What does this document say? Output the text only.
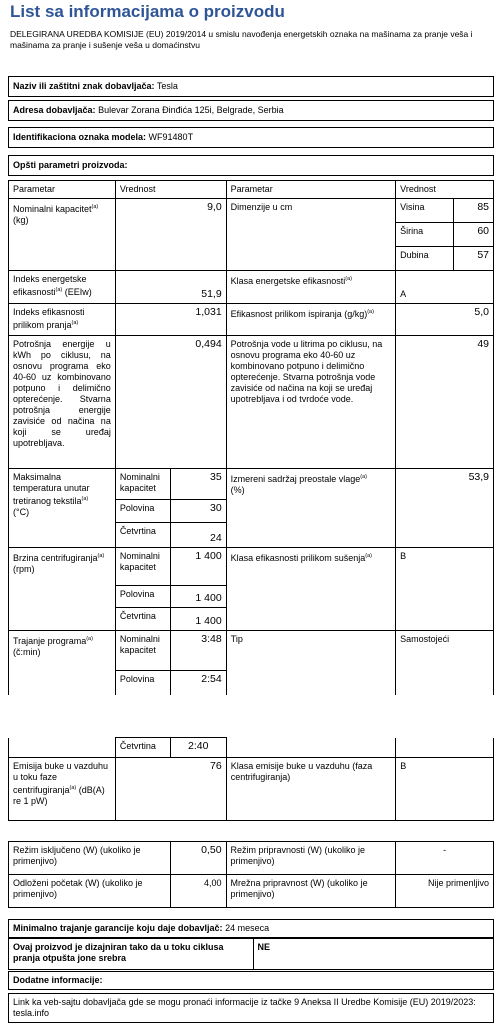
List sa informacijama o proizvodu
DELEGIRANA UREDBA KOMISIJE (EU) 2019/2014 u smislu navođenja energetskih oznaka na mašinama za pranje veša i mašinama za pranje i sušenje veša u domaćinstvu
Naziv ili zaštitni znak dobavljača: Tesla
Adresa dobavljača: Bulevar Zorana Đinđića 125i, Belgrade, Serbia
Identifikaciona oznaka modela: WF91480T
Opšti parametri proizvoda:
Parametar	Vrednost		Parametar	Vrednost	
Nominalni kapacitet$^{(a)}$
(kg)	9,0		Dimenzije u cm	Visina	85
				Širina	60
				Dubina	57
Indeks energetske efikasnosti$^{(a)}$ (EEIw)	51,9		Klasa energetske efikasnosti$^{(a)}$	A	
Indeks efikasnosti prilikom pranja$^{(a)}$	1,031		Efikasnost prilikom ispiranja $(g/kg)^{(a)}$	5,0	
Potrošnja energije u kWh po ciklusu, na osnovu programa eko 40-60 uz kombinovano potpuno i delimično opterećenje. Stvarna potrošnja energije zavisiće od načina na koji se uređaj upotrebljava.	0,494		Potrošnja vode u litrima po ciklusu, na osnovu programa eko 40-60 uz kombinovano potpuno i delimično opterećenje. Stvarna potrošnja vode zavisiće od načina na koji se uređaj upotrebljava i od tvrdoće vode.	49	
Maksimalna temperatura unutar tretiranog tekstila$^{(a)}$
(°C)	Nominalni kapacitet	35	Izmereni sadržaj preostale vlage$^{(a)}$
(%)	53,9	
	Polovina	30			
	Četvrtina	24			
Brzina centrifugiranja$^{(a)}$
(rpm)	Nominalni kapacitet	1 400	Klasa efikasnosti prilikom sušenja$^{(a)}$	B	
	Polovina	1 400			
	Četvrtina	1 400			
Trajanje programa$^{(a)}$
(č:min)	Nominalni kapacitet	3:48	Tip	Samostojeći	
	Polovina	2:54			
	Četvrtina	2:40		
Emisija buke u vazduhu u toku faze centrifugiranja$^{(a)}$ (dB(A) re 1 pW)	76		Klasa emisije buke u vazduhu (faza centrifugiranja)	B
Režim isključeno (W) (ukoliko je primenjivo)	0,50	Režim pripravnosti (W) (ukoliko je primenjivo)	-
Odloženi početak (W) (ukoliko je primenjivo)	4,00	Mrežna pripravnost (W) (ukoliko je primenjivo)	Nije primenljivo
Minimalno trajanje garancije koju daje dobavljač: 24 meseca
Ovaj proizvod je dizajniran tako da u toku ciklusa pranja otpušta jone srebra	NE
Dodatne informacije:
Link ka veb-sajtu dobavljača gde se mogu pronaći informacije iz tačke 9 Aneksa II Uredbe Komisije (EU) 2019/2023: tesla.info
